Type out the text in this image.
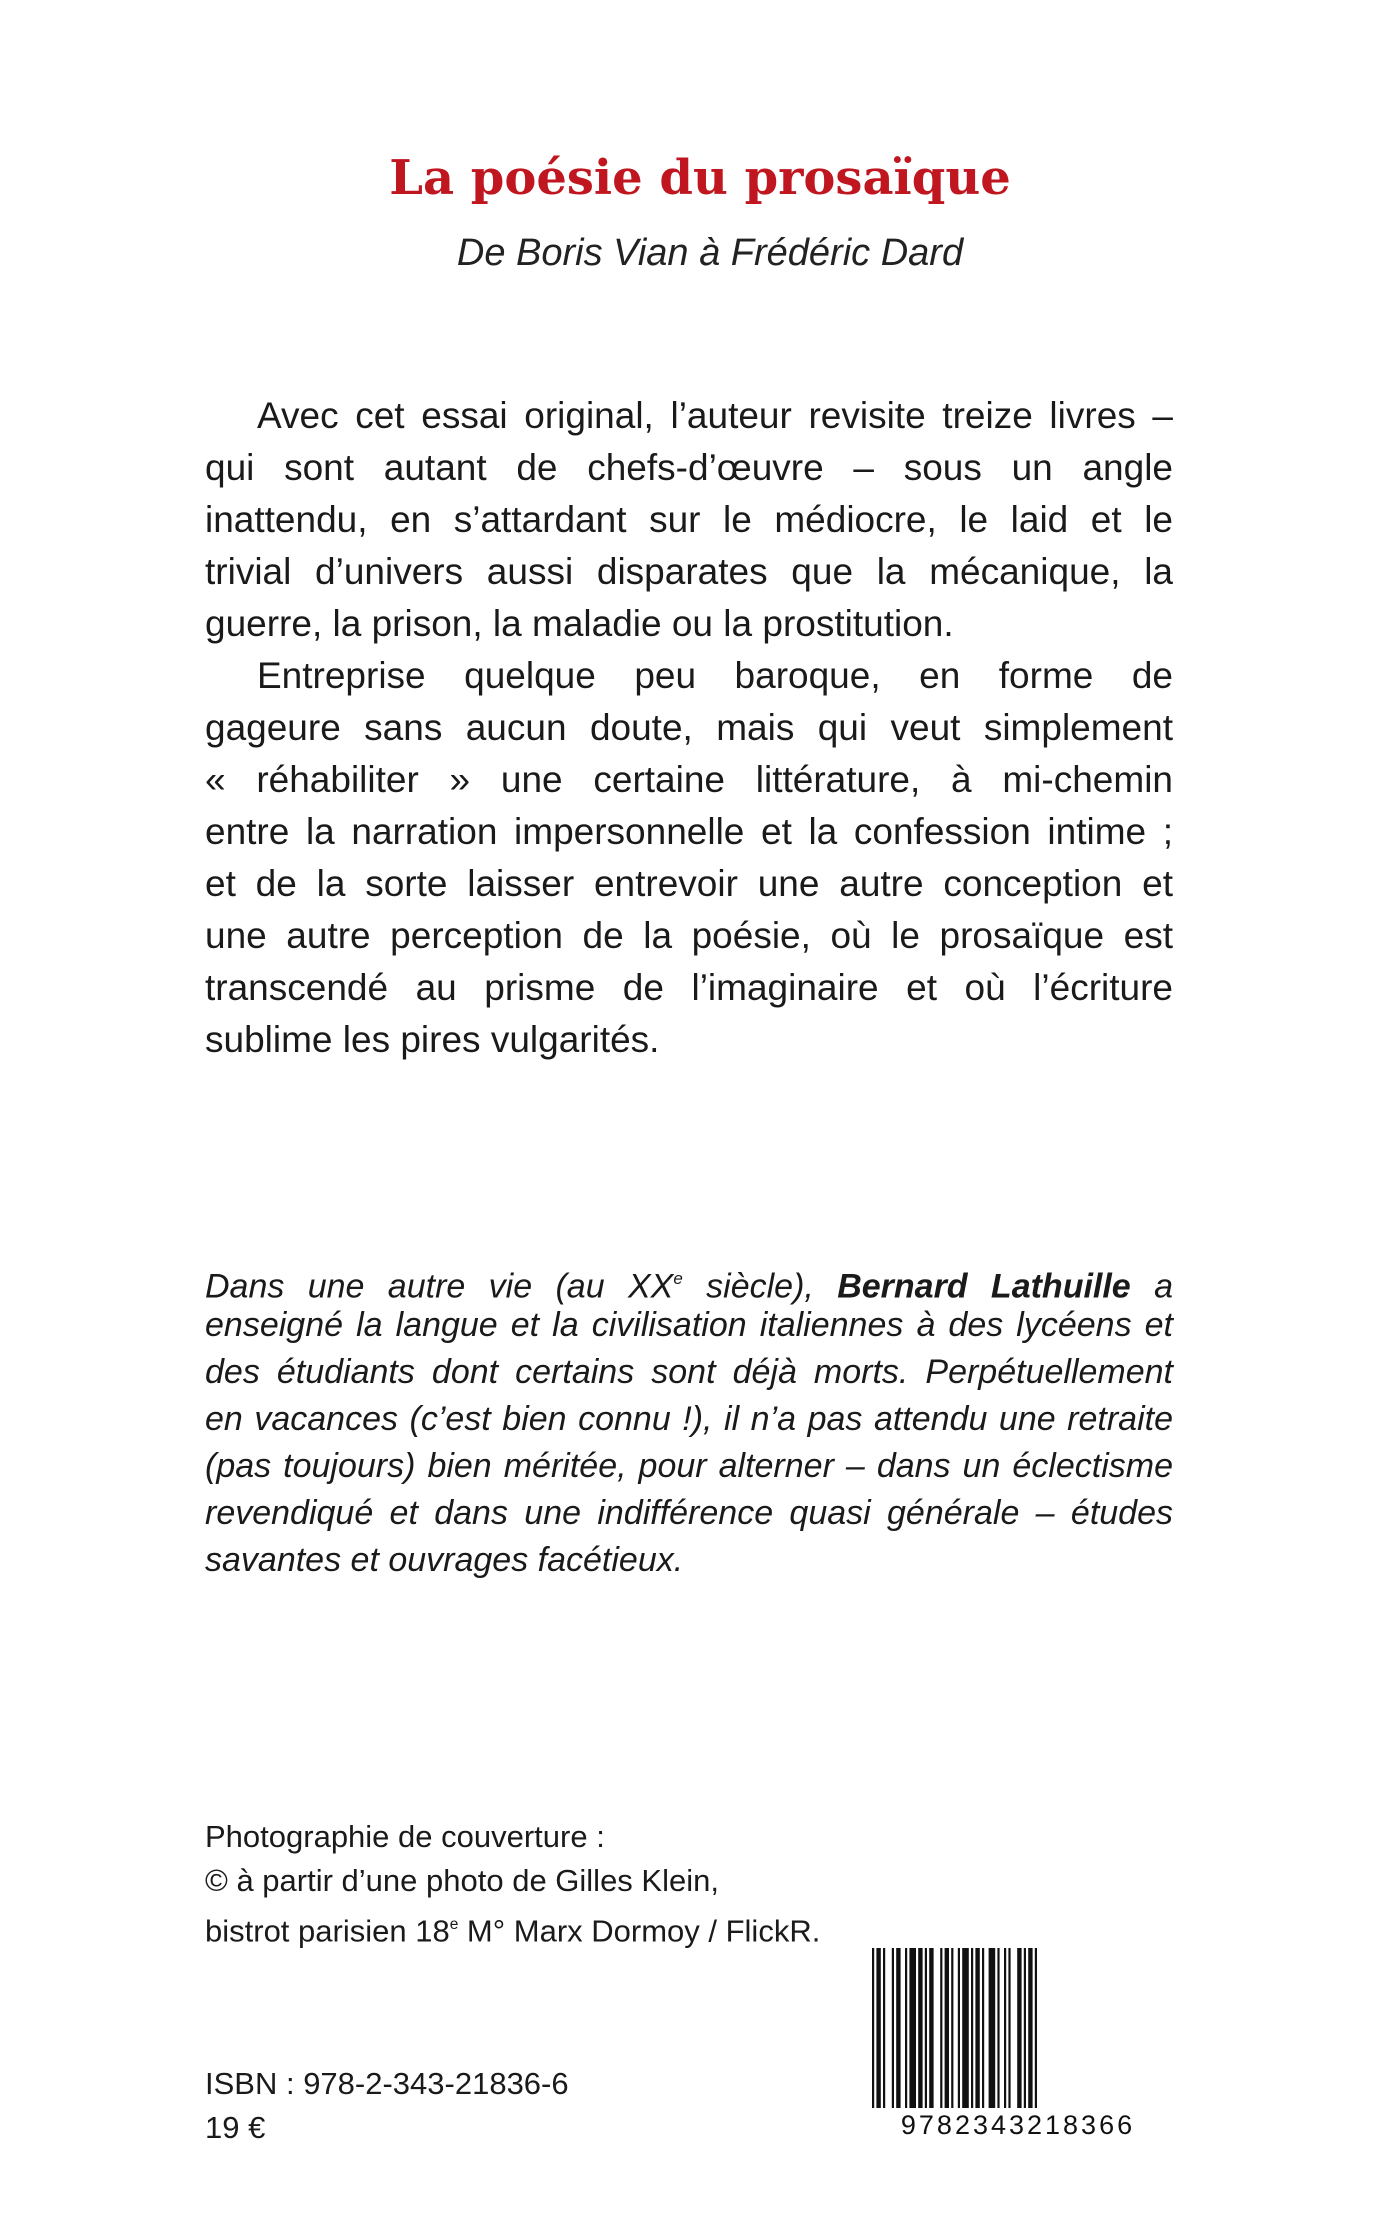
La poésie du prosaïque
De Boris Vian à Frédéric Dard
Avec cet essai original, l’auteur revisite treize livres –
qui sont autant de chefs-d’œuvre – sous un angle
inattendu, en s’attardant sur le médiocre, le laid et le
trivial d’univers aussi disparates que la mécanique, la
guerre, la prison, la maladie ou la prostitution.
Entreprise quelque peu baroque, en forme de
gageure sans aucun doute, mais qui veut simplement
« réhabiliter » une certaine littérature, à mi-chemin
entre la narration impersonnelle et la confession intime ;
et de la sorte laisser entrevoir une autre conception et
une autre perception de la poésie, où le prosaïque est
transcendé au prisme de l’imaginaire et où l’écriture
sublime les pires vulgarités.
Dans une autre vie (au XXe siècle), Bernard Lathuille a
enseigné la langue et la civilisation italiennes à des lycéens et
des étudiants dont certains sont déjà morts. Perpétuellement
en vacances (c’est bien connu !), il n’a pas attendu une retraite
(pas toujours) bien méritée, pour alterner – dans un éclectisme
revendiqué et dans une indifférence quasi générale – études
savantes et ouvrages facétieux.
Photographie de couverture :
© à partir d’une photo de Gilles Klein,
bistrot parisien 18e M° Marx Dormoy / FlickR.
ISBN : 978-2-343-21836-6
19 €	9782343218366
